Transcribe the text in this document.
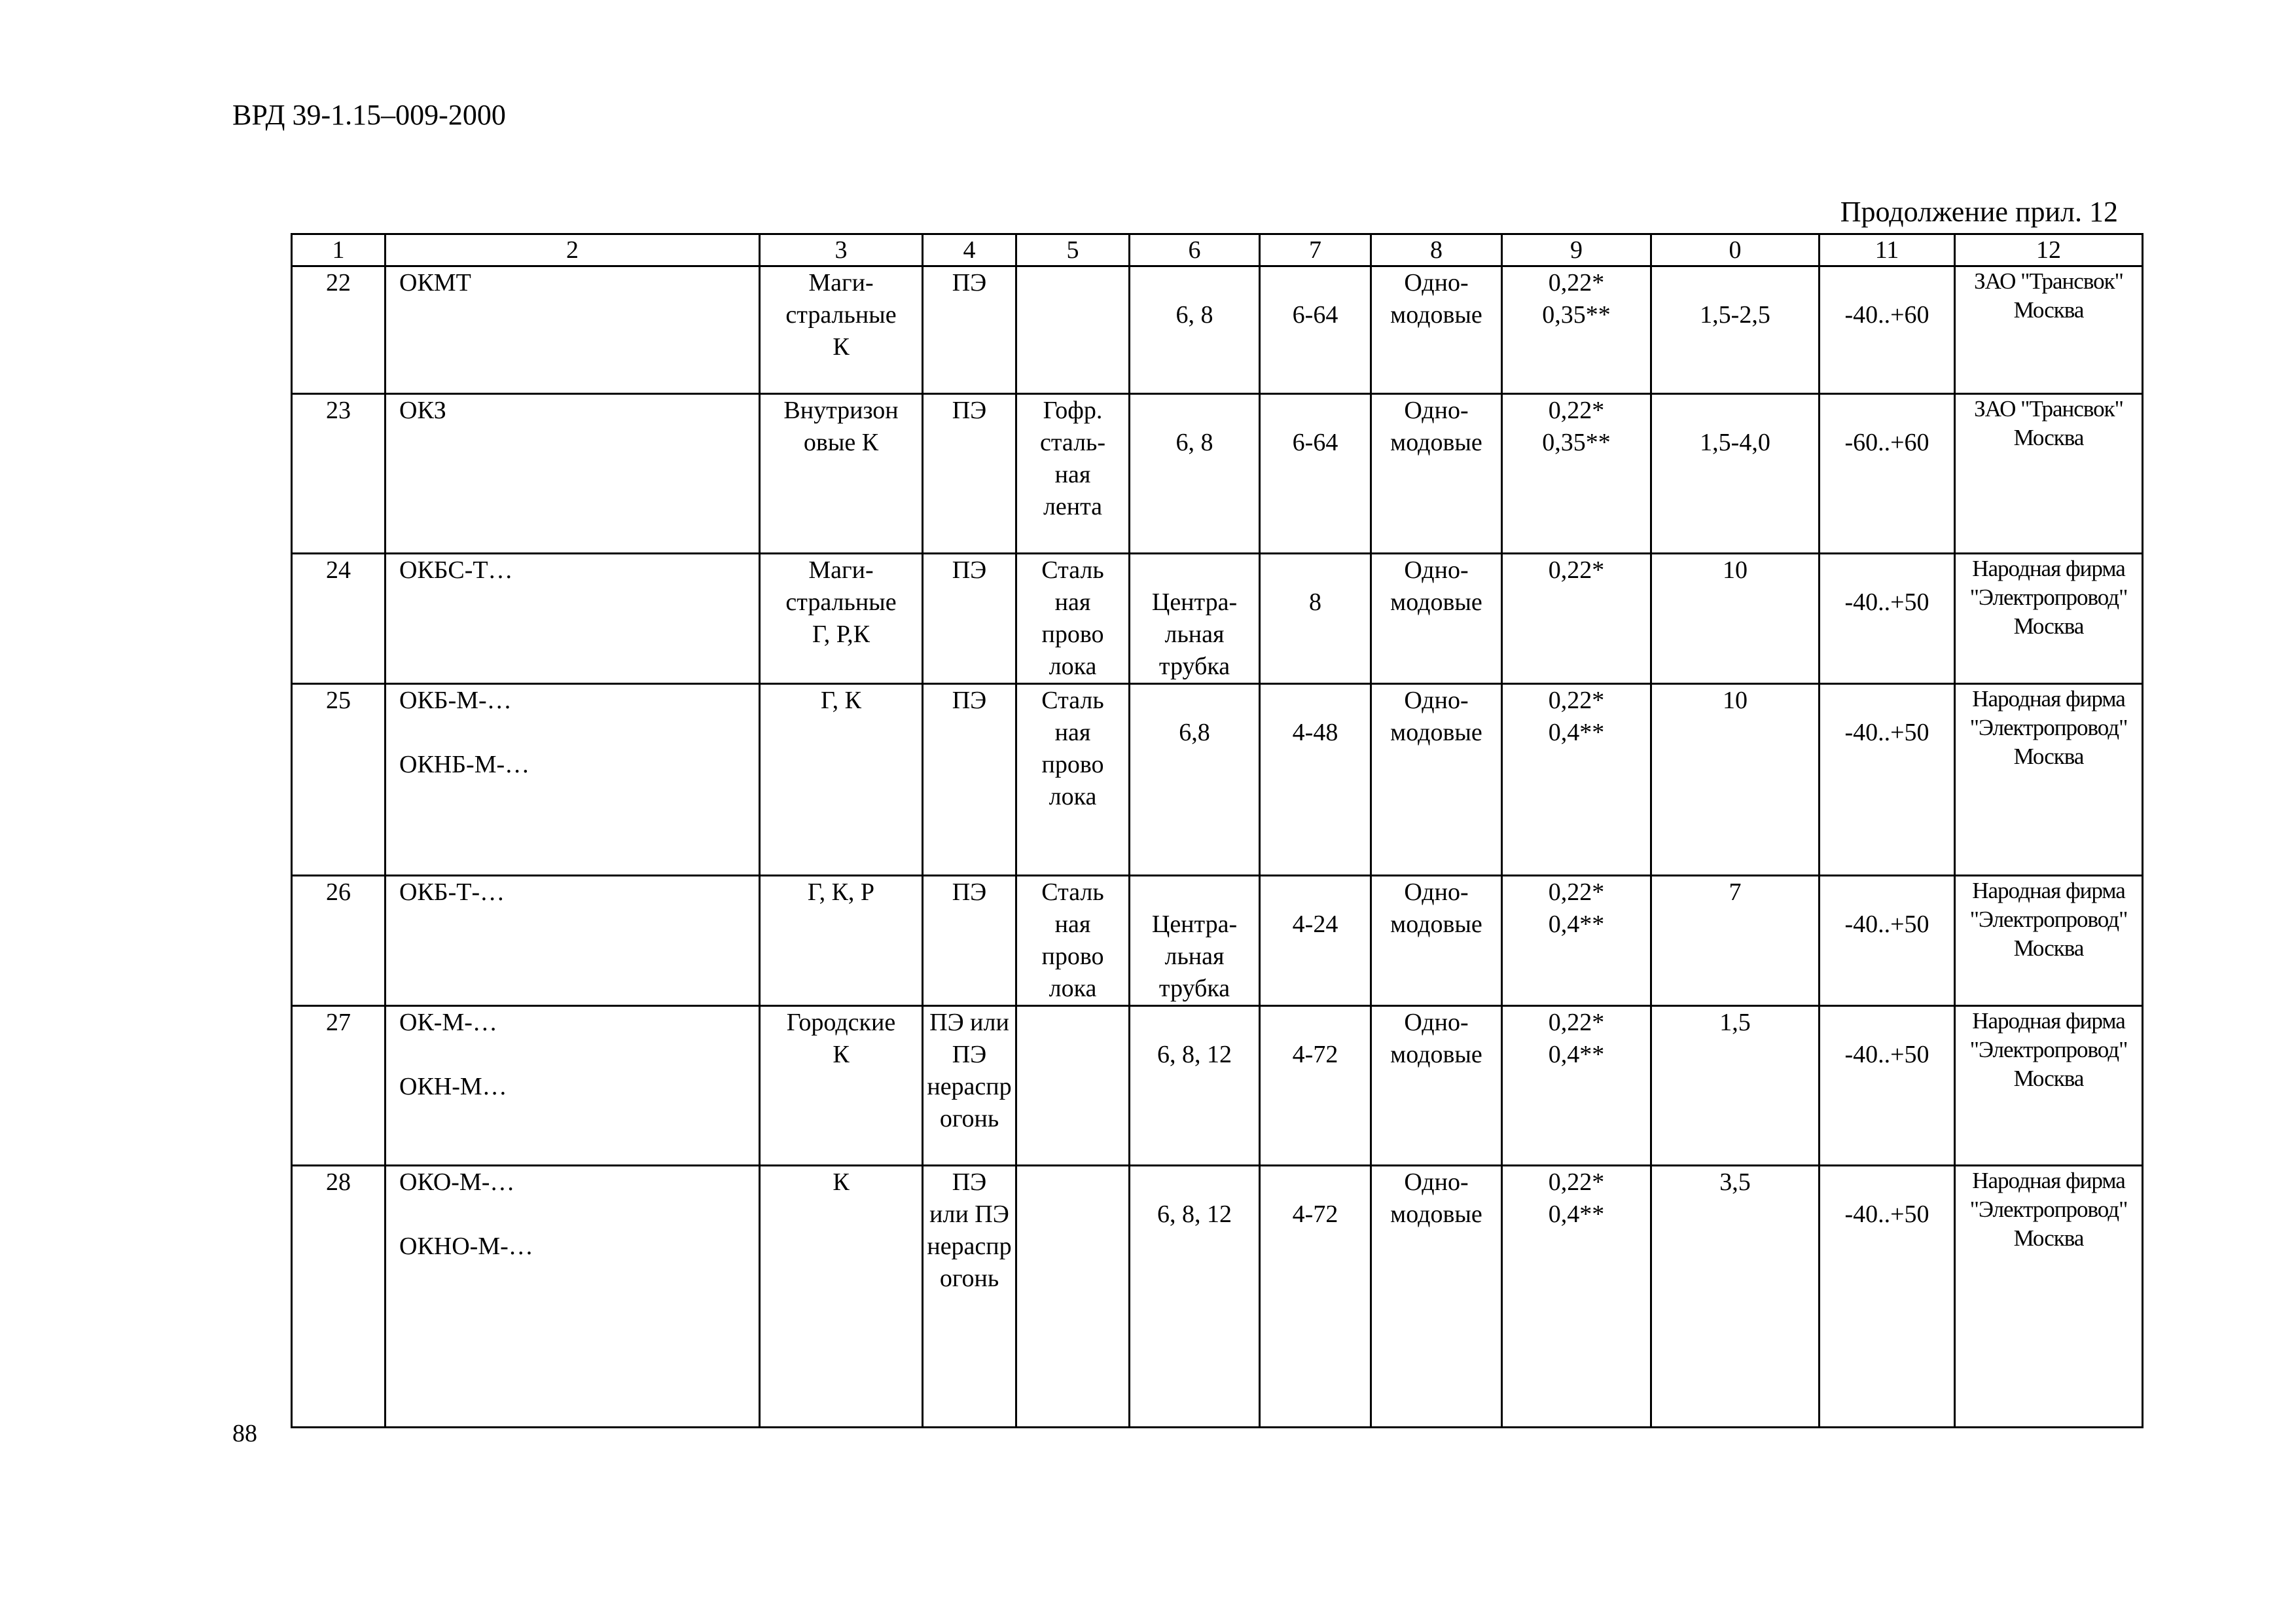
ВРД 39-1.15–009-2000
Продолжение прил. 12
1	2	3	4	5	6	7	8	9	0	11	12
22	ОКМТ	Маги-
стральные
К	ПЭ		6, 8	6-64	Одно-
модовые	0,22*
0,35**	1,5-2,5	-40..+60	ЗАО "Трансвок"
Москва

23	ОКЗ	Внутризон
овые К	ПЭ	Гофр.
сталь-
ная
лента	6, 8	6-64	Одно-
модовые	0,22*
0,35**	1,5-4,0	-60..+60	ЗАО "Трансвок"
Москва

24	ОКБС-Т…	Маги-
стральные
Г, Р,К	ПЭ	Сталь
ная
прово
лока	Центра-
льная
трубка	8	Одно-
модовые	0,22*	10	-40..+50	Народная фирма
"Электропровод"
Москва

25	ОКБ-М-…
ОКНБ-М-…	Г, К	ПЭ	Сталь
ная
прово
лока	6,8	4-48	Одно-
модовые	0,22*
0,4**	10	-40..+50	Народная фирма
"Электропровод"
Москва

26	ОКБ-Т-…	Г, К, Р	ПЭ	Сталь
ная
прово
лока	Центра-
льная
трубка	4-24	Одно-
модовые	0,22*
0,4**	7	-40..+50	Народная фирма
"Электропровод"
Москва

27	ОК-М-…
ОКН-М…	Городские
К	ПЭ или
ПЭ
нераспр
огонь		6, 8, 12	4-72	Одно-
модовые	0,22*
0,4**	1,5	-40..+50	Народная фирма
"Электропровод"
Москва

28	ОКО-М-…
ОКНО-М-…	К	ПЭ
или ПЭ
нераспр
огонь		6, 8, 12	4-72	Одно-
модовые	0,22*
0,4**	3,5	-40..+50	Народная фирма
"Электропровод"
Москва
88
